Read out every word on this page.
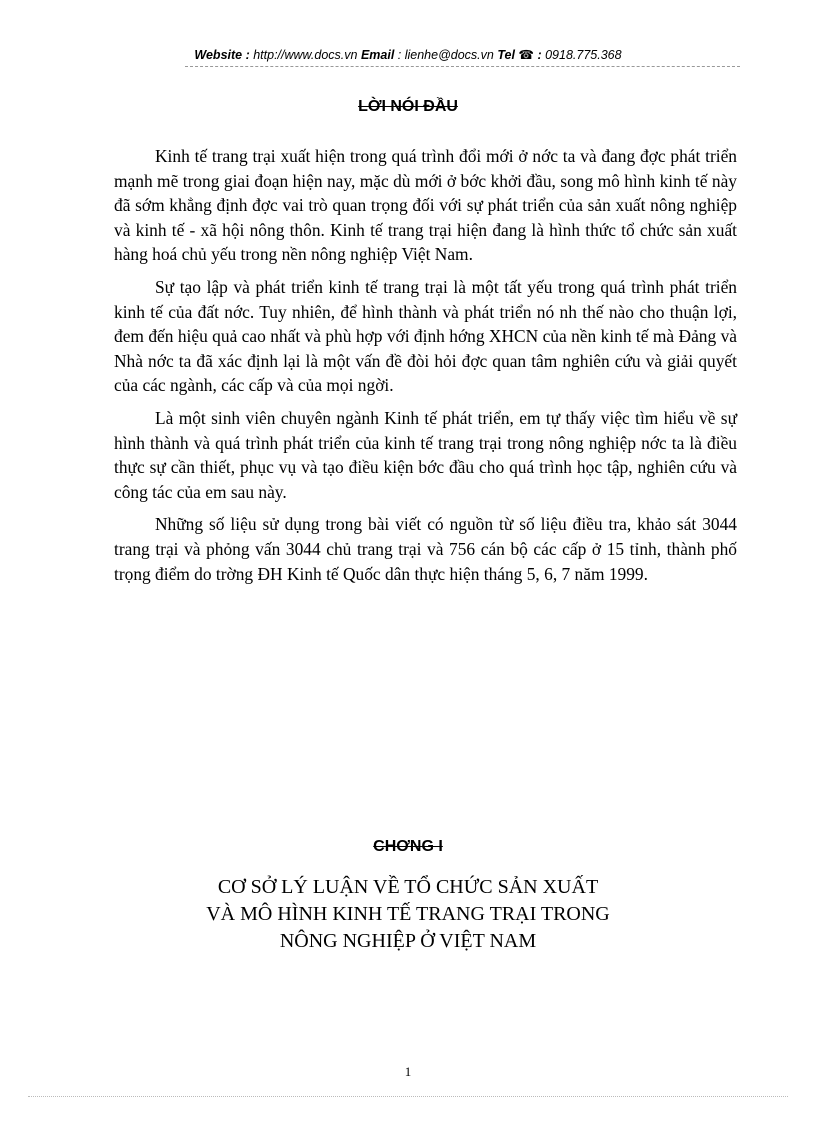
Website : http://www.docs.vn Email : lienhe@docs.vn Tel ☎ : 0918.775.368
LỜI NÓI ĐẦU

Kinh tế trang trại xuất hiện trong quá trình đổi mới ở nớc ta và đang đợc phát triển mạnh mẽ trong giai đoạn hiện nay, mặc dù mới ở bớc khởi đầu, song mô hình kinh tế này đã sớm khẳng định đợc vai trò quan trọng đối với sự phát triển của sản xuất nông nghiệp và kinh tế - xã hội nông thôn. Kinh tế trang trại hiện đang là hình thức tổ chức sản xuất hàng hoá chủ yếu trong nền nông nghiệp Việt Nam.

Sự tạo lập và phát triển kinh tế trang trại là một tất yếu trong quá trình phát triển kinh tế của đất nớc. Tuy nhiên, để hình thành và phát triển nó nh thế nào cho thuận lợi, đem đến hiệu quả cao nhất và phù hợp với định hớng XHCN của nền kinh tế mà Đảng và Nhà nớc ta đã xác định lại là một vấn đề đòi hỏi đợc quan tâm nghiên cứu và giải quyết của các ngành, các cấp và của mọi ngời.

Là một sinh viên chuyên ngành Kinh tế phát triển, em tự thấy việc tìm hiểu về sự hình thành và quá trình phát triển của kinh tế trang trại trong nông nghiệp nớc ta là điều thực sự cần thiết, phục vụ và tạo điều kiện bớc đầu cho quá trình học tập, nghiên cứu và công tác của em sau này.

Những số liệu sử dụng trong bài viết có nguồn từ số liệu điều tra, khảo sát 3044 trang trại và phỏng vấn 3044 chủ trang trại và 756 cán bộ các cấp ở 15 tỉnh, thành phố trọng điểm do trờng ĐH Kinh tế Quốc dân thực hiện tháng 5, 6, 7 năm 1999.

CHƠNG I
CƠ SỞ LÝ LUẬN VỀ TỔ CHỨC SẢN XUẤT
VÀ MÔ HÌNH KINH TẾ TRANG TRẠI TRONG
NÔNG NGHIỆP Ở VIỆT NAM
1
